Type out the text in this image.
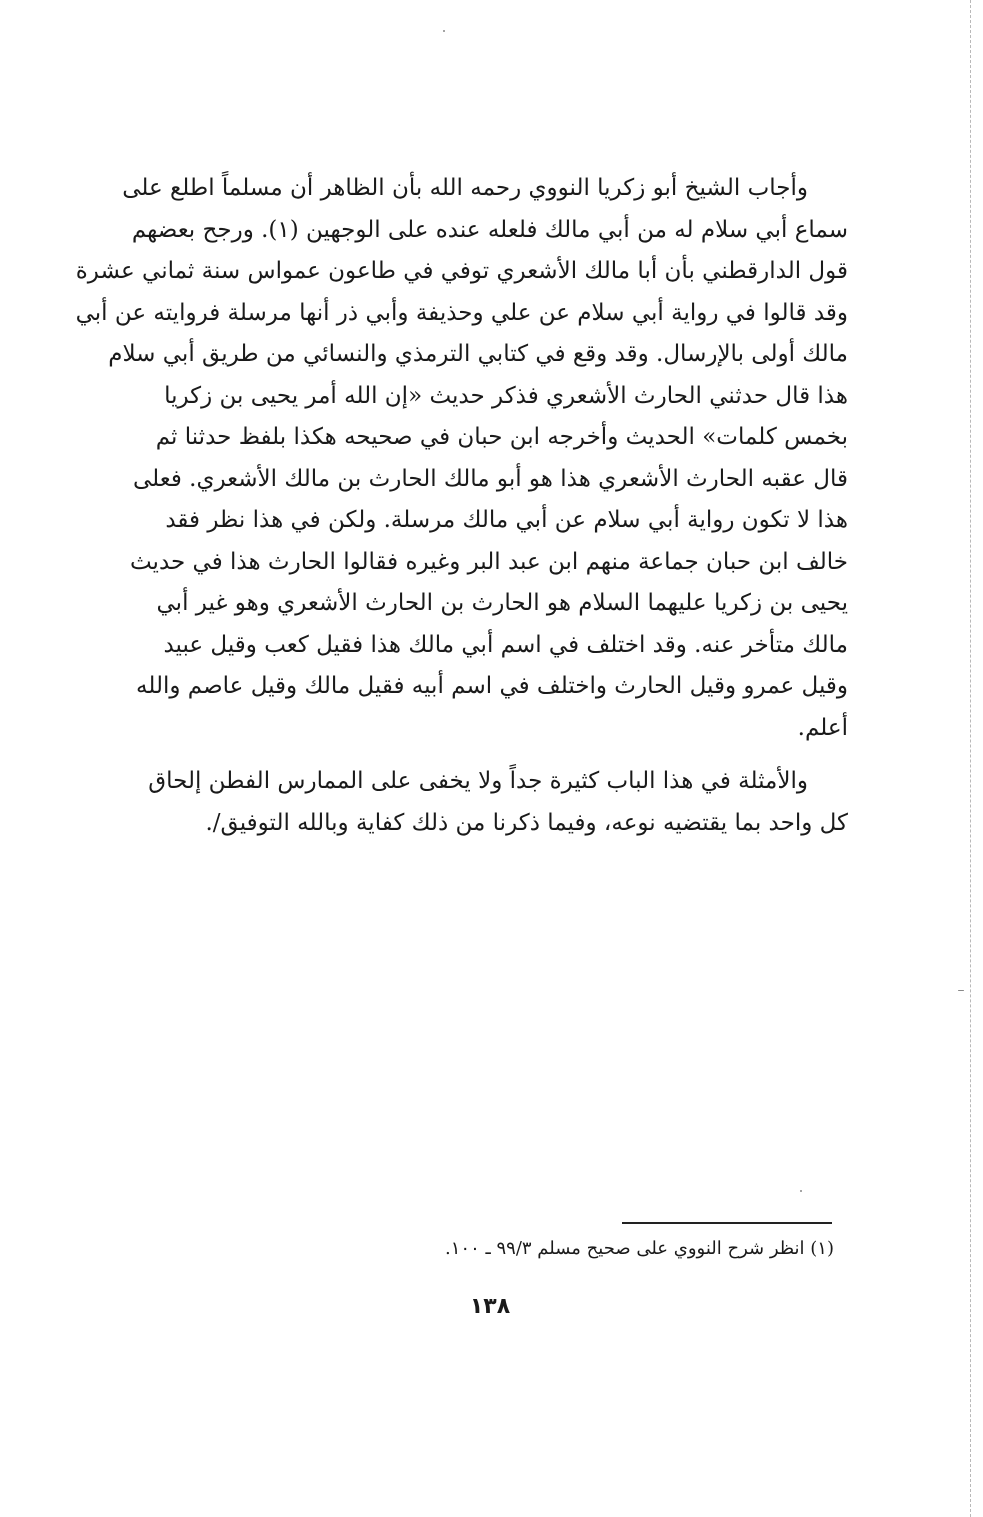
وأجاب الشيخ أبو زكريا النووي رحمه الله بأن الظاهر أن مسلماً اطلع على
سماع أبي سلام له من أبي مالك فلعله عنده على الوجهين (١). ورجح بعضهم
قول الدارقطني بأن أبا مالك الأشعري توفي في طاعون عمواس سنة ثماني عشرة
وقد قالوا في رواية أبي سلام عن علي وحذيفة وأبي ذر أنها مرسلة فروايته عن أبي
مالك أولى بالإرسال. وقد وقع في كتابي الترمذي والنسائي من طريق أبي سلام
هذا قال حدثني الحارث الأشعري فذكر حديث «إن الله أمر يحيى بن زكريا
بخمس كلمات» الحديث وأخرجه ابن حبان في صحيحه هكذا بلفظ حدثنا ثم
قال عقبه الحارث الأشعري هذا هو أبو مالك الحارث بن مالك الأشعري. فعلى
هذا لا تكون رواية أبي سلام عن أبي مالك مرسلة. ولكن في هذا نظر فقد
خالف ابن حبان جماعة منهم ابن عبد البر وغيره فقالوا الحارث هذا في حديث
يحيى بن زكريا عليهما السلام هو الحارث بن الحارث الأشعري وهو غير أبي
مالك متأخر عنه. وقد اختلف في اسم أبي مالك هذا فقيل كعب وقيل عبيد
وقيل عمرو وقيل الحارث واختلف في اسم أبيه فقيل مالك وقيل عاصم والله
أعلم.

والأمثلة في هذا الباب كثيرة جداً ولا يخفى على الممارس الفطن إلحاق
كل واحد بما يقتضيه نوعه، وفيما ذكرنا من ذلك كفاية وبالله التوفيق/.

(١) انظر شرح النووي على صحيح مسلم ٩٩/٣ ـ ١٠٠.
١٣٨
